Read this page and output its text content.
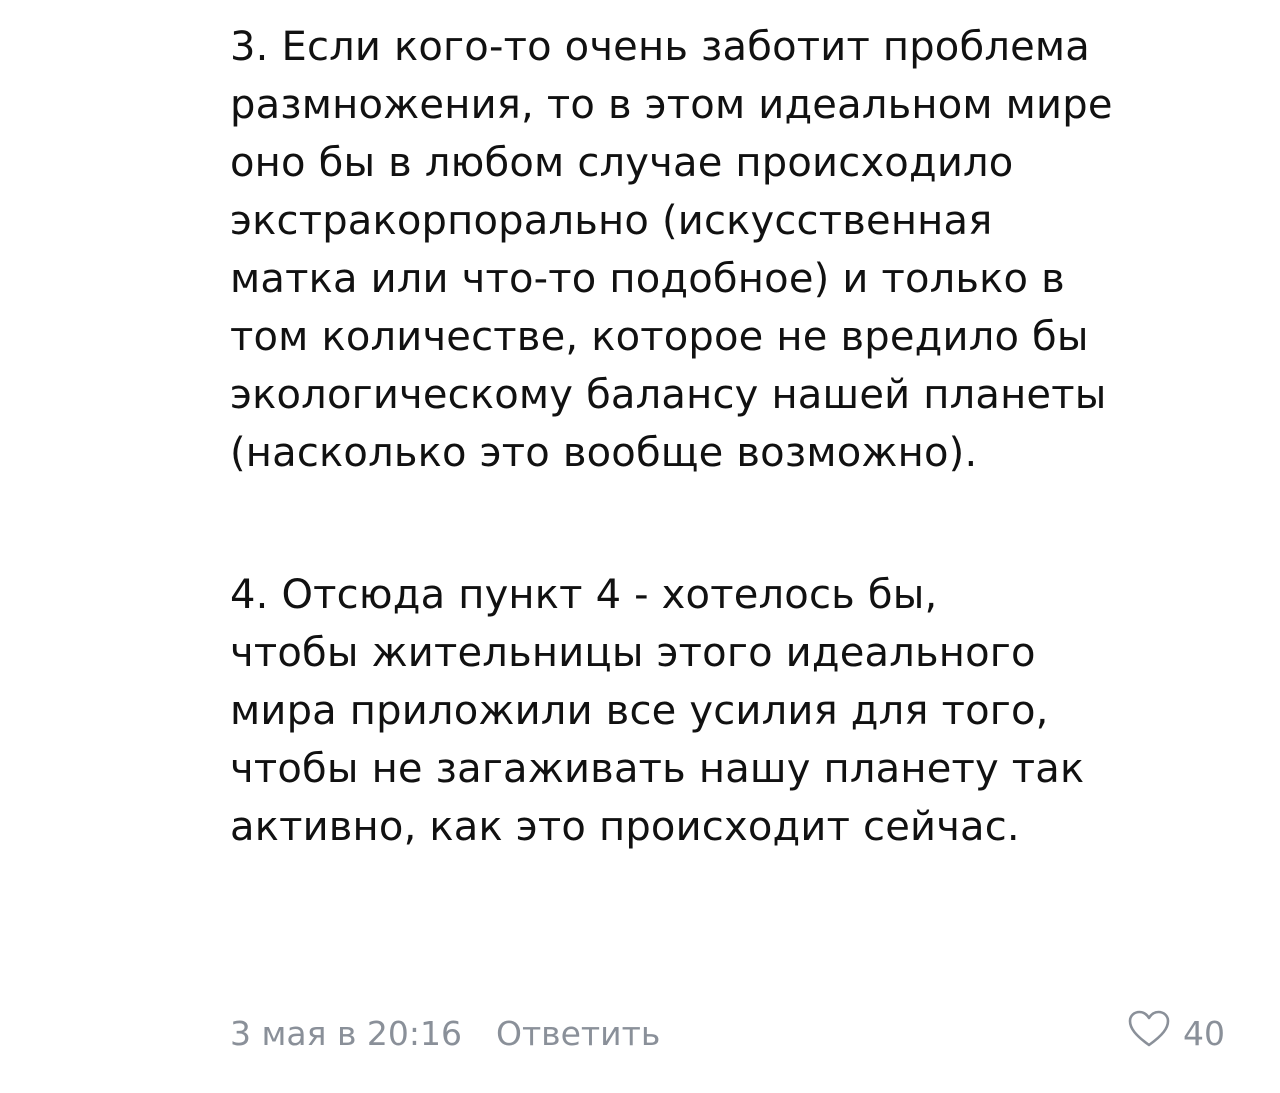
3. Если кого-то очень заботит проблема
размножения, то в этом идеальном мире
оно бы в любом случае происходило
экстракорпорально (искусственная
матка или что-то подобное) и только в
том количестве, которое не вредило бы
экологическому балансу нашей планеты
(насколько это вообще возможно).

4. Отсюда пункт 4 - хотелось бы,
чтобы жительницы этого идеального
мира приложили все усилия для того,
чтобы не загаживать нашу планету так
активно, как это происходит сейчас.

3 мая в 20:16 Ответить	40
